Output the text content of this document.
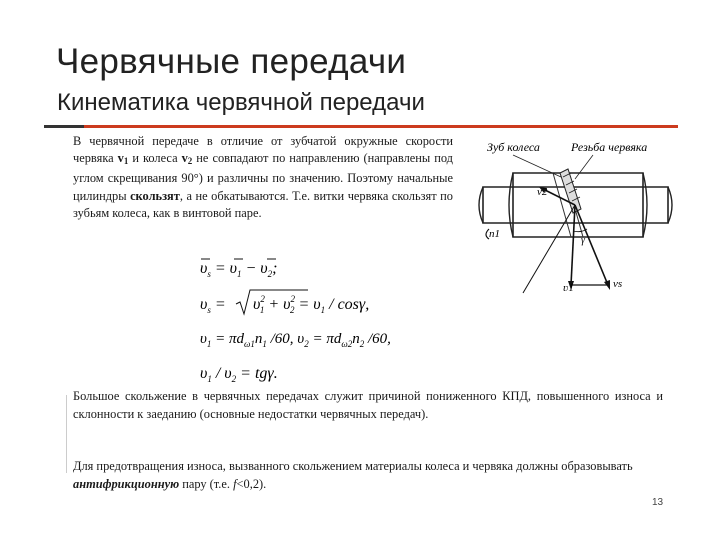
Червячные передачи
Кинематика червячной передачи
В червячной передаче в отличие от зубчатой окружные скорости червяка $v_1$ и колеса $v_2$ не совпадают по направлению (направлены под углом скрещивания 90°) и различны по значению. Поэтому начальные цилиндры скользят, а не обкатываются. Т.е. витки червяка скользят по зубьям колеса, как в винтовой паре.
$\upsilon_s = \upsilon_1 - \upsilon_2$;
$\upsilon_s = \upsilon^2$ $1 + \upsilon^2$ $2 = \upsilon_1 / \cos\gamma$,
$\upsilon_1 = \pi d_{\omega 1}n_1$ /60, $\upsilon_2 = \pi d_{\omega 2}n_2$ /60,
$\upsilon_1 / \upsilon_2 = tg\gamma$.
Зуб колеса	Резьба червяка
v2
n1
γ
ʋ1	vs
Большое скольжение в червячных передачах служит причиной пониженного КПД, повышенного износа и склонности к заеданию (основные недостатки червячных передач).
Для предотвращения износа, вызванного скольжением материалы колеса и червяка должны образовывать антифрикционную пару (т.е. f<0,2).
13
